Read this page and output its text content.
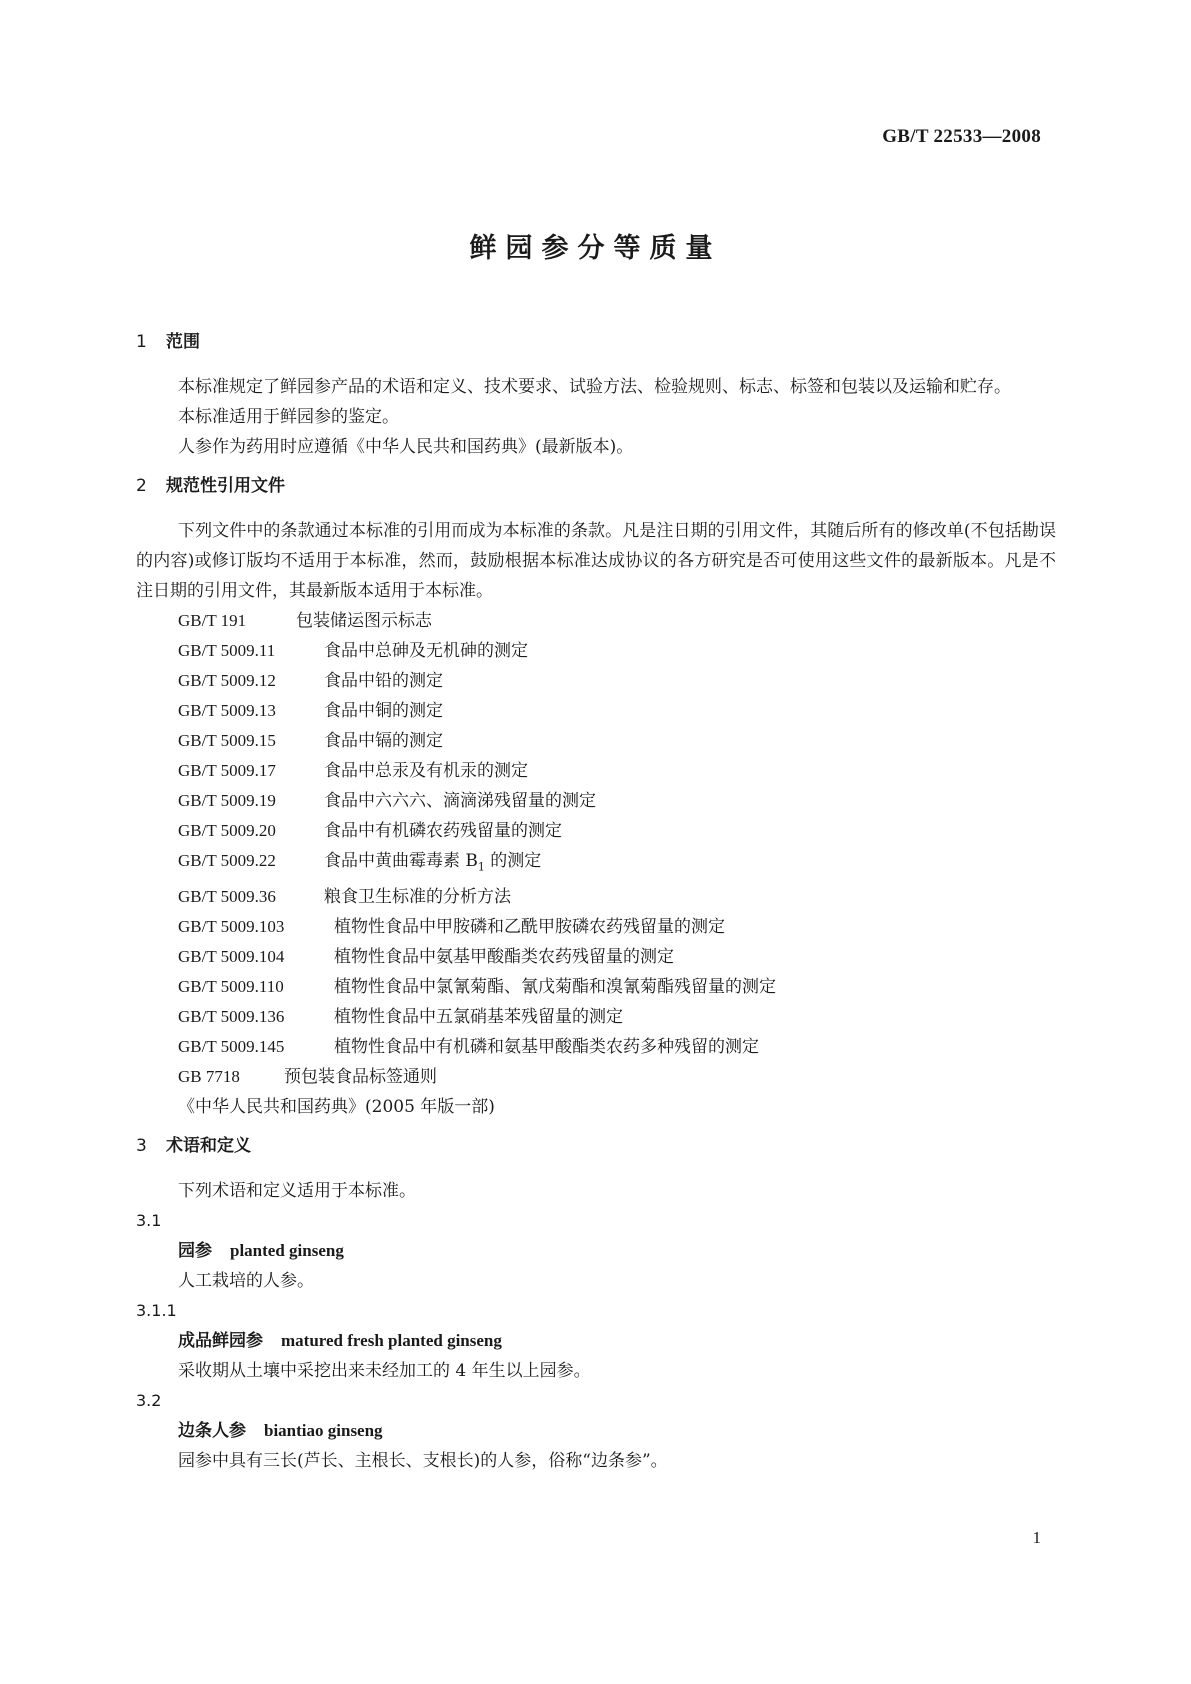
GB/T 22533—2008
鲜园参分等质量
1 范围

本标准规定了鲜园参产品的术语和定义、技术要求、试验方法、检验规则、标志、标签和包装以及运输和贮存。

本标准适用于鲜园参的鉴定。

人参作为药用时应遵循《中华人民共和国药典》(最新版本)。

2 规范性引用文件

下列文件中的条款通过本标准的引用而成为本标准的条款。凡是注日期的引用文件，其随后所有的修改单(不包括勘误的内容)或修订版均不适用于本标准，然而，鼓励根据本标准达成协议的各方研究是否可使用这些文件的最新版本。凡是不注日期的引用文件，其最新版本适用于本标准。

GB/T 191	包装储运图示标志
GB/T 5009.11	食品中总砷及无机砷的测定
GB/T 5009.12	食品中铅的测定
GB/T 5009.13	食品中铜的测定
GB/T 5009.15	食品中镉的测定
GB/T 5009.17	食品中总汞及有机汞的测定
GB/T 5009.19	食品中六六六、滴滴涕残留量的测定
GB/T 5009.20	食品中有机磷农药残留量的测定
GB/T 5009.22	食品中黄曲霉毒素 $B_1$ 的测定
GB/T 5009.36	粮食卫生标准的分析方法
GB/T 5009.103	植物性食品中甲胺磷和乙酰甲胺磷农药残留量的测定
GB/T 5009.104	植物性食品中氨基甲酸酯类农药残留量的测定
GB/T 5009.110	植物性食品中氯氰菊酯、氰戊菊酯和溴氰菊酯残留量的测定
GB/T 5009.136	植物性食品中五氯硝基苯残留量的测定
GB/T 5009.145	植物性食品中有机磷和氨基甲酸酯类农药多种残留的测定
GB 7718	预包装食品标签通则
《中华人民共和国药典》(2005 年版一部)
3 术语和定义

下列术语和定义适用于本标准。

3.1

园参 planted ginseng

人工栽培的人参。

3.1.1

成品鲜园参 matured fresh planted ginseng

采收期从土壤中采挖出来未经加工的 4 年生以上园参。

3.2

边条人参 biantiao ginseng

园参中具有三长(芦长、主根长、支根长)的人参，俗称“边条参”。

1
